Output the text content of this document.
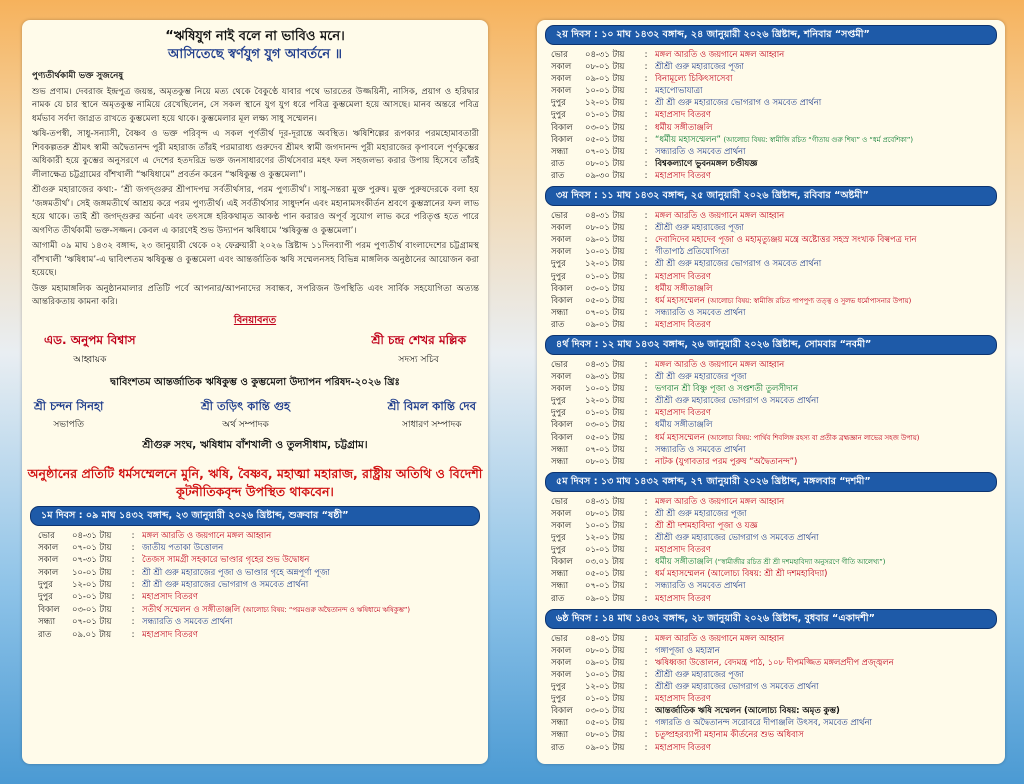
“ঋষিযুগ নাই বলে না ভাবিও মনে।
আসিতেছে স্বর্ণযুগ যুগ আবর্তনে ॥

পুণ্যতীর্থকামী ভক্ত সুজনেষু

শুভ প্রণাম। দেবরাজ ইন্দ্রপুত্র জয়ন্ত, অমৃতকুম্ভ নিয়ে মত্য থেকে বৈকুণ্ঠে যাবার পথে ভারতের উজ্জয়িনী, নাসিক, প্রয়াগ ও হরিদ্বার নামক যে চার স্থানে অমৃতকুম্ভ নামিয়ে রেখেছিলেন, সে সকল স্থানে যুগ যুগ ধরে পবিত্র কুম্ভমেলা হয়ে আসছে। মানব অন্তরে পবিত্র ধর্মভাব সর্বদা জাগ্রত রাখতে কুম্ভমেলা হয়ে থাকে। কুম্ভমেলার মূল লক্ষ্য সাধু সম্মেলন।

ঋষি-তপস্বী, সাধু-সন্যাসী, বৈষ্ণব ও ভক্ত পরিবৃন্দ এ সকল পূর্ণতীর্থ দূর-দূরান্তে অবস্থিত। ঋষিশিল্পের রূপকার পরমহোমাবতারী শিবকল্পতরু শ্রীমৎ স্বামী অদ্বৈতানন্দ পুরী মহারাজ তাঁরই পরমারাধ্য গুরুদেব শ্রীমৎ স্বামী জগদানন্দ পুরী মহারাজের কৃপাবলে পূর্ণকুম্ভের অধিকারী হয়ে কুম্ভের অনুসরণে এ দেশের হতদরিদ্র ভক্ত জনসাধারণের তীর্থসেবার মহৎ ফল সহজলভ্য করার উপায় হিসেবে তাঁরই লীলাক্ষেত্র চট্টগ্রামের বাঁশখালী “ঋষিধামে” প্রবর্তন করেন “ঋষিকুম্ভ ও কুম্ভমেলা”।

শ্রীগুরু মহারাজের কথা:- ‘শ্রী জগদ্গুরুর শ্রীপাদপদ্ম সর্বতীর্থসার, পরম পুণ্যতীর্থ’। সাধু-সন্তরা মুক্ত পুরুষ। মুক্ত পুরুষদেরকে বলা হয় ‘জঙ্গমতীর্থ’। সেই জঙ্গমতীর্থে আশ্রয় করে পরম পুণ্যতীর্থ। এই সর্বতীর্থসার সাধুদর্শন এবং মহানামসংকীর্তন শ্রবণে কুম্ভস্নানের ফল লাভ হয়ে থাকে। তাই শ্রী জগদ্গুরুর অর্চনা এবং তৎসঙ্গে হরিকথামৃত আকণ্ঠ পান করারও অপূর্ব সুযোগ লাভ করে পরিতৃপ্ত হতে পারে অগণিত তীর্থকামী ভক্ত-সজ্জন। কেবল এ কারণেই শুভ উদ্যাপন ঋষিধামে ‘ঋষিকুম্ভ ও কুম্ভমেলা’।

আগামী ০৯ মাঘ ১৪৩২ বঙ্গাব্দ, ২৩ জানুয়ারী থেকে ০২ ফেব্রুয়ারী ২০২৬ খ্রিষ্টাব্দ ১১দিনব্যাপী পরম পুণ্যতীর্থ বাংলাদেশের চট্টগ্রামস্থ বাঁশখালী ‘ঋষিধাম’-এ দ্বাবিংশতম ঋষিকুম্ভ ও কুম্ভমেলা এবং আন্তর্জাতিক ঋষি সম্মেলনসহ বিভিন্ন মাঙ্গলিক অনুষ্ঠানের আয়োজন করা হয়েছে।

উক্ত মহামাঙ্গলিক অনুষ্ঠানমালার প্রতিটি পর্বে আপনার/আপনাদের সবান্ধব, সপরিজন উপস্থিতি এবং সার্বিক সহযোগিতা অত্যন্ত আন্তরিকতায় কামনা করি।

বিনয়াবনত
এড. অনুপম বিশ্বাস
আহ্বায়ক
শ্রী চন্দ্র শেখর মল্লিক
সদস্য সচিব
দ্বাবিংশতম আন্তর্জাতিক ঋষিকুম্ভ ও কুম্ভমেলা উদ্যাপন পরিষদ-২০২৬ খ্রিঃ
শ্রী চন্দন সিনহা
সভাপতি
শ্রী তড়িৎ কান্তি গুহ
অর্থ সম্পাদক
শ্রী বিমল কান্তি দেব
সাধারণ সম্পাদক
শ্রীগুরু সংঘ, ঋষিধাম বাঁশখালী ও তুলসীধাম, চট্টগ্রাম।
অনুষ্ঠানের প্রতিটি ধর্মসম্মেলনে মুনি, ঋষি, বৈষ্ণব, মহাত্মা মহারাজ, রাষ্ট্রীয় অতিথি ও বিদেশী কূটনীতিকবৃন্দ উপস্থিত থাকবেন।
১ম দিবস : ০৯ মাঘ ১৪৩২ বঙ্গাব্দ, ২৩ জানুয়ারী ২০২৬ খ্রিষ্টাব্দ, শুক্রবার “ষষ্ঠী”
ভোর	০৪-৩১ টায়	: মঙ্গল আরতি ও জয়গানে মঙ্গল আহ্বান
সকাল	০৭-০১ টায়	: জাতীয় পতাকা উত্তোলন
সকাল	০৭-৩১ টায়	: তৈজস সামগ্রী সহকারে ভাণ্ডার গৃহের শুভ উদ্বোধন
সকাল	১০-০১ টায়	: শ্রী শ্রী গুরু মহারাজের পূজা ও ভাণ্ডার গৃহে অন্নপূর্ণা পূজা
দুপুর	১২-০১ টায়	: শ্রী শ্রী গুরু মহারাজের ভোগরাগ ও সমবেত প্রার্থনা
দুপুর	০১-০১ টায়	: মহাপ্রসাদ বিতরণ
বিকাল	০৩-০১ টায়	: সতীর্থ সম্মেলন ও সঙ্গীতাঞ্জলি (আলোচ্য বিষয়: “পরমগুরু অদ্বৈতানন্দ ও ঋষিধামে ঋষিকুম্ভ”)
সন্ধ্যা	০৭-০১ টায়	: সন্ধ্যারতি ও সমবেত প্রার্থনা
রাত	০৯.০১ টায়	: মহাপ্রসাদ বিতরণ
২য় দিবস : ১০ মাঘ ১৪৩২ বঙ্গাব্দ, ২৪ জানুয়ারী ২০২৬ খ্রিষ্টাব্দ, শনিবার “সপ্তমী”
ভোর	০৪-৩১ টায়	: মঙ্গল আরতি ও জয়গানে মঙ্গল আহ্বান
সকাল	০৮-০১ টায়	: শ্রীশ্রী গুরু মহারাজের পূজা
সকাল	০৯-০১ টায়	: বিনামূল্যে চিকিৎসাসেবা
সকাল	১০-০১ টায়	: মহাপোভাযাত্রা
দুপুর	১২-০১ টায়	: শ্রী শ্রী গুরু মহারাজের ভোগরাগ ও সমবেত প্রার্থনা
দুপুর	০১-০১ টায়	: মহাপ্রসাদ বিতরণ
বিকাল	০৩-০১ টায়	: ধর্মীয় সঙ্গীতাঞ্জলি
বিকাল	০৫-০১ টায়	: “ধর্মীয় মহাসম্মেলন” (আলোচ্য বিষয়: স্বামীজি রচিত “গীতায় গুরু শিষ্য” ও “ধর্ম প্রবেশিকা”)
সন্ধ্যা	০৭-০১ টায়	: সন্ধ্যারতি ও সমবেত প্রার্থনা
রাত	০৮-০১ টায়	: বিশ্বকল্যাণে ভুবনমঙ্গল চণ্ডীযজ্ঞ
রাত	০৯-৩০ টায়	: মহাপ্রসাদ বিতরণ
৩য় দিবস : ১১ মাঘ ১৪৩২ বঙ্গাব্দ, ২৫ জানুয়ারী ২০২৬ খ্রিষ্টাব্দ, রবিবার “অষ্টমী”
ভোর	০৪-৩১ টায়	: মঙ্গল আরতি ও জয়গানে মঙ্গল আহ্বান
সকাল	০৮-০১ টায়	: শ্রীশ্রী গুরু মহারাজের পূজা
সকাল	০৯-০১ টায়	: দেবাদিদেব মহাদেব পূজা ও মহামৃত্যুঞ্জয় মন্ত্রে অষ্টোত্তর সহস্র সংখ্যক বিল্বপত্র দান
সকাল	১০-০১ টায়	: গীতাপাঠ প্রতিযোগিতা
দুপুর	১২-০১ টায়	: শ্রী শ্রী গুরু মহারাজের ভোগরাগ ও সমবেত প্রার্থনা
দুপুর	০১-০১ টায়	: মহাপ্রসাদ বিতরণ
বিকাল	০৩-০১ টায়	: ধর্মীয় সঙ্গীতাঞ্জলি
বিকাল	০৫-০১ টায়	: ধর্ম মহাসম্মেলন (আলোচ্য বিষয়: স্বামীজি রচিত পাপপুণ্য তত্ত্ব ও সুলভ ধর্মোপাসনার উপায়)
সন্ধ্যা	০৭-০১ টায়	: সন্ধ্যারতি ও সমবেত প্রার্থনা
রাত	০৯-০১ টায়	: মহাপ্রসাদ বিতরণ
৪র্থ দিবস : ১২ মাঘ ১৪৩২ বঙ্গাব্দ, ২৬ জানুয়ারী ২০২৬ খ্রিষ্টাব্দ, সোমবার “নবমী”
ভোর	০৪-৩১ টায়	: মঙ্গল আরতি ও জয়গানে মঙ্গল আহ্বান
সকাল	০৯-৩১ টায়	: শ্রী শ্রী গুরু মহারাজের পূজা
সকাল	১০-০১ টায়	: ভগবান শ্রী বিষ্ণু পূজা ও সপ্তশতী তুলসীদান
দুপুর	১২-০১ টায়	: শ্রীশ্রী গুরু মহারাজের ভোগরাগ ও সমবেত প্রার্থনা
দুপুর	০১-০১ টায়	: মহাপ্রসাদ বিতরণ
বিকাল	০৩-০১ টায়	: ধর্মীয় সঙ্গীতাঞ্জলি
বিকাল	০৫-০১ টায়	: ধর্ম মহাসম্মেলন (আলোচ্য বিষয়: পার্থিব শিবলিঙ্গ রহস্য বা প্রতীক ব্রহ্মজ্ঞান লাভের সহজ উপায়)
সন্ধ্যা	০৭-০১ টায়	: সন্ধ্যারতি ও সমবেত প্রার্থনা
সন্ধ্যা	০৮-০১ টায়	: নাটক (যুগাবতার পরম পুরুষ “অদ্বৈতানন্দ”)
৫ম দিবস : ১৩ মাঘ ১৪৩২ বঙ্গাব্দ, ২৭ জানুয়ারী ২০২৬ খ্রিষ্টাব্দ, মঙ্গলবার “দশমী”
ভোর	০৪-৩১ টায়	: মঙ্গল আরতি ও জয়গানে মঙ্গল আহ্বান
সকাল	০৮-০১ টায়	: শ্রী শ্রী গুরু মহারাজের পূজা
সকাল	১০-০১ টায়	: শ্রী শ্রী দশমহাবিদ্যা পূজা ও যজ্ঞ
দুপুর	১২-০১ টায়	: শ্রীশ্রী গুরু মহারাজের ভোগরাগ ও সমবেত প্রার্থনা
দুপুর	০১-০১ টায়	: মহাপ্রসাদ বিতরণ
বিকাল	০৩.০১ টায়	: ধর্মীয় সঙ্গীতাঞ্জলি (“স্বামীজীর রচিত শ্রী শ্রী দশমহাবিদ্যা অনুসরণে গীতি আলেখ্য”)
সন্ধ্যা	০৫-০১ টায়	: ধর্ম মহাসম্মেলন (আলোচ্য বিষয়: শ্রী শ্রী দশমহাবিদ্যা)
সন্ধ্যা	০৭-০১ টায়	: সন্ধ্যারতি ও সমবেত প্রার্থনা
রাত	০৯-০১ টায়	: মহাপ্রসাদ বিতরণ
৬ষ্ঠ দিবস : ১৪ মাঘ ১৪৩২ বঙ্গাব্দ, ২৮ জানুয়ারী ২০২৬ খ্রিষ্টাব্দ, বুধবার “একাদশী”
ভোর	০৪-৩১ টায়	: মঙ্গল আরতি ও জয়গানে মঙ্গল আহ্বান
সকাল	০৮-০১ টায়	: গঙ্গাপূজা ও মহাস্নান
সকাল	০৯-০১ টায়	: ঋষিধ্বজা উত্তোলন, বেদমন্ত্র পাঠ, ১০৮ দীপমজ্জিত মঙ্গলপ্রদীপ প্রজ্জ্বলন
সকাল	১০-০১ টায়	: শ্রীশ্রী গুরু মহারাজের পূজা
দুপুর	১২-০১ টায়	: শ্রীশ্রী গুরু মহারাজের ভোগরাগ ও সমবেত প্রার্থনা
দুপুর	০১-০১ টায়	: মহাপ্রসাদ বিতরণ
বিকাল	০৩-০১ টায়	: আন্তর্জাতিক ঋষি সম্মেলন (আলোচ্য বিষয়: অমৃত কুম্ভ)
সন্ধ্যা	০৫-০১ টায়	: গঙ্গারতি ও অদ্বৈতানন্দ সরোবরে দীপাঞ্জলি উৎসব, সমবেত প্রার্থনা
সন্ধ্যা	০৮-০১ টায়	: চতুষ্প্রহরব্যাপী মহানাম কীর্তনের শুভ অধিবাস
রাত	০৯-০১ টায়	: মহাপ্রসাদ বিতরণ
